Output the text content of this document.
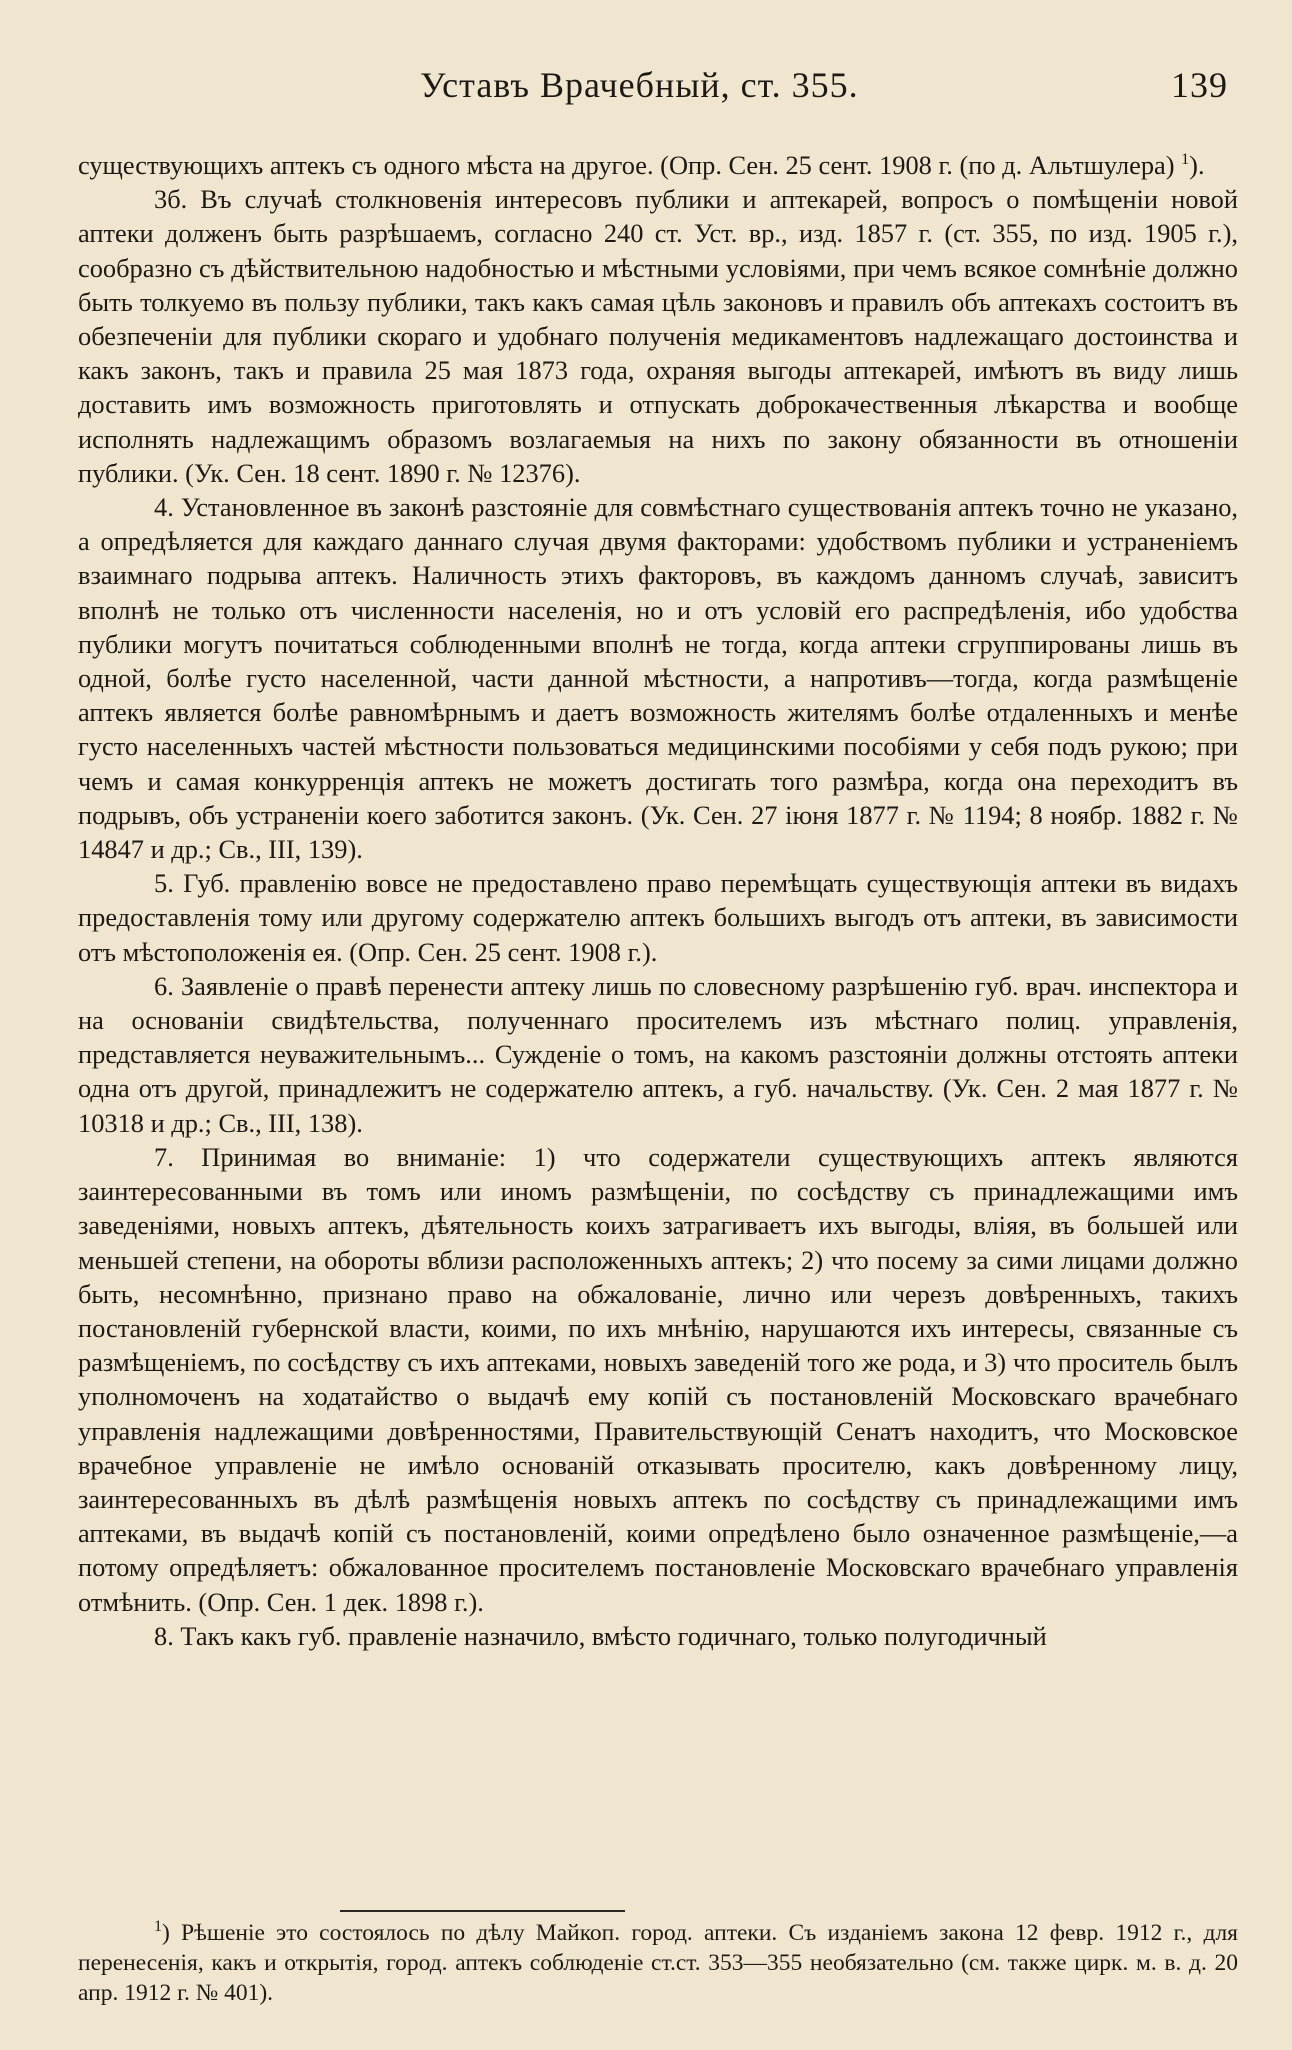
Уставъ Врачебный, ст. 355.	139

существующихъ аптекъ съ одного мѣста на другое. (Опр. Сен. 25 сент. 1908 г. (по д. Альтшулера) $^1$).

3б. Въ случаѣ столкновенія интересовъ публики и аптекарей, вопросъ о помѣщеніи новой аптеки долженъ быть разрѣшаемъ, согласно 240 ст. Уст. вр., изд. 1857 г. (ст. 355, по изд. 1905 г.), сообразно съ дѣйствительною надобностью и мѣстными условіями, при чемъ всякое сомнѣніе должно быть толкуемо въ пользу публики, такъ какъ самая цѣль законовъ и правилъ объ аптекахъ состоитъ въ обезпеченіи для публики скораго и удобнаго полученія медикаментовъ надлежащаго достоинства и какъ законъ, такъ и правила 25 мая 1873 года, охраняя выгоды аптекарей, имѣютъ въ виду лишь доставить имъ возможность приготовлять и отпускать доброкачественныя лѣкарства и вообще исполнять надлежащимъ образомъ возлагаемыя на нихъ по закону обязанности въ отношеніи публики. (Ук. Сен. 18 сент. 1890 г. № 12376).

4. Установленное въ законѣ разстояніе для совмѣстнаго существованія аптекъ точно не указано, а опредѣляется для каждаго даннаго случая двумя факторами: удобствомъ публики и устраненіемъ взаимнаго подрыва аптекъ. Наличность этихъ факторовъ, въ каждомъ данномъ случаѣ, зависитъ вполнѣ не только отъ численности населенія, но и отъ условій его распредѣленія, ибо удобства публики могутъ почитаться соблюденными вполнѣ не тогда, когда аптеки сгруппированы лишь въ одной, болѣе густо населенной, части данной мѣстности, а напротивъ—тогда, когда размѣщеніе аптекъ является болѣе равномѣрнымъ и даетъ возможность жителямъ болѣе отдаленныхъ и менѣе густо населенныхъ частей мѣстности пользоваться медицинскими пособіями у себя подъ рукою; при чемъ и самая конкурренція аптекъ не можетъ достигать того размѣра, когда она переходитъ въ подрывъ, объ устраненіи коего заботится законъ. (Ук. Сен. 27 іюня 1877 г. № 1194; 8 ноябр. 1882 г. № 14847 и др.; Св., III, 139).

5. Губ. правленію вовсе не предоставлено право перемѣщать существующія аптеки въ видахъ предоставленія тому или другому содержателю аптекъ большихъ выгодъ отъ аптеки, въ зависимости отъ мѣстоположенія ея. (Опр. Сен. 25 сент. 1908 г.).

6. Заявленіе о правѣ перенести аптеку лишь по словесному разрѣшенію губ. врач. инспектора и на основаніи свидѣтельства, полученнаго просителемъ изъ мѣстнаго полиц. управленія, представляется неуважительнымъ... Сужденіе о томъ, на какомъ разстояніи должны отстоять аптеки одна отъ другой, принадлежитъ не содержателю аптекъ, а губ. начальству. (Ук. Сен. 2 мая 1877 г. № 10318 и др.; Св., III, 138).

7. Принимая во вниманіе: 1) что содержатели существующихъ аптекъ являются заинтересованными въ томъ или иномъ размѣщеніи, по сосѣдству съ принадлежащими имъ заведеніями, новыхъ аптекъ, дѣятельность коихъ затрагиваетъ ихъ выгоды, вліяя, въ большей или меньшей степени, на обороты вблизи расположенныхъ аптекъ; 2) что посему за сими лицами должно быть, несомнѣнно, признано право на обжалованіе, лично или черезъ довѣренныхъ, такихъ постановленій губернской власти, коими, по ихъ мнѣнію, нарушаются ихъ интересы, связанные съ размѣщеніемъ, по сосѣдству съ ихъ аптеками, новыхъ заведеній того же рода, и 3) что проситель былъ уполномоченъ на ходатайство о выдачѣ ему копій съ постановленій Московскаго врачебнаго управленія надлежащими довѣренностями, Правительствующій Сенатъ находитъ, что Московское врачебное управленіе не имѣло основаній отказывать просителю, какъ довѣренному лицу, заинтересованныхъ въ дѣлѣ размѣщенія новыхъ аптекъ по сосѣдству съ принадлежащими имъ аптеками, въ выдачѣ копій съ постановленій, коими опредѣлено было означенное размѣщеніе,—а потому опредѣляетъ: обжалованное просителемъ постановленіе Московскаго врачебнаго управленія отмѣнить. (Опр. Сен. 1 дек. 1898 г.).

8. Такъ какъ губ. правленіе назначило, вмѣсто годичнаго, только полугодичный

$^1$) Рѣшеніе это состоялось по дѣлу Майкоп. город. аптеки. Съ изданіемъ закона 12 февр. 1912 г., для перенесенія, какъ и открытія, город. аптекъ соблюденіе ст.ст. 353—355 необязательно (см. также цирк. м. в. д. 20 апр. 1912 г. № 401).
